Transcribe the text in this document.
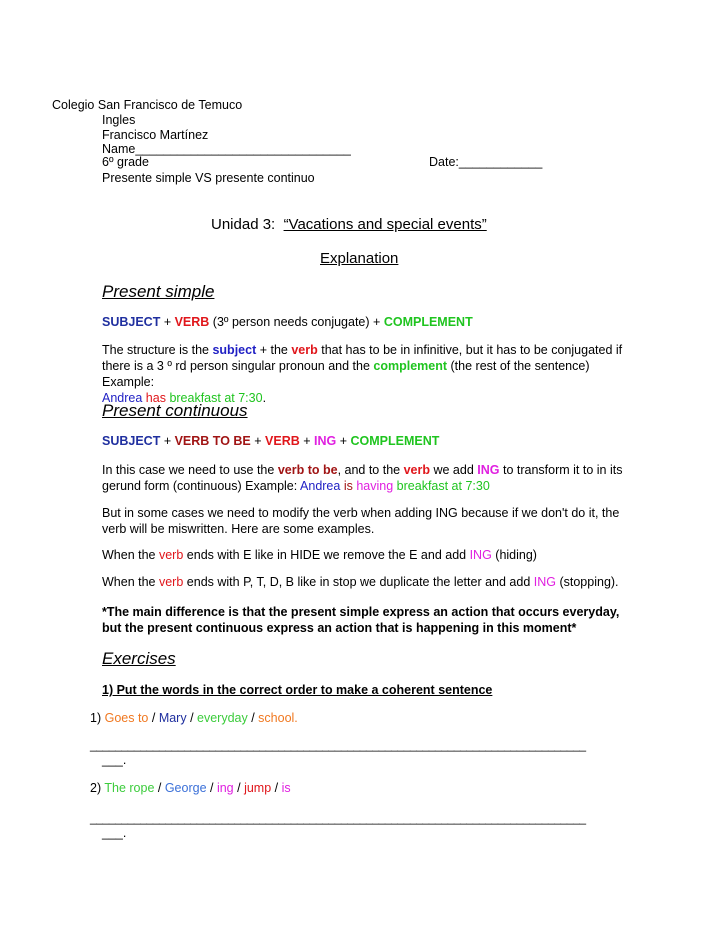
Colegio San Francisco de Temuco
Ingles
Francisco Martínez
Name_______________________________
6º grade	Date:____________
Presente simple VS presente continuo
Unidad 3: “Vacations and special events”
Explanation
Present simple
SUBJECT + VERB (3º person needs conjugate) + COMPLEMENT
The structure is the subject + the verb that has to be in infinitive, but it has to be conjugated if there is a 3 º rd person singular pronoun and the complement (the rest of the sentence) Example:
Andrea has breakfast at 7:30.
Present continuous
SUBJECT + VERB TO BE + VERB + ING + COMPLEMENT
In this case we need to use the verb to be, and to the verb we add ING to transform it to in its gerund form (continuous) Example: Andrea is having breakfast at 7:30
But in some cases we need to modify the verb when adding ING because if we don't do it, the verb will be miswritten. Here are some examples.
When the verb ends with E like in HIDE we remove the E and add ING (hiding)
When the verb ends with P, T, D, B like in stop we duplicate the letter and add ING (stopping).
*The main difference is that the present simple express an action that occurs everyday, but the present continuous express an action that is happening in this moment*
Exercises
1) Put the words in the correct order to make a coherent sentence
1) Goes to / Mary / everyday / school.
_______________________________________________________________________________
___.
2) The rope / George / ing / jump / is
_______________________________________________________________________________
___.
